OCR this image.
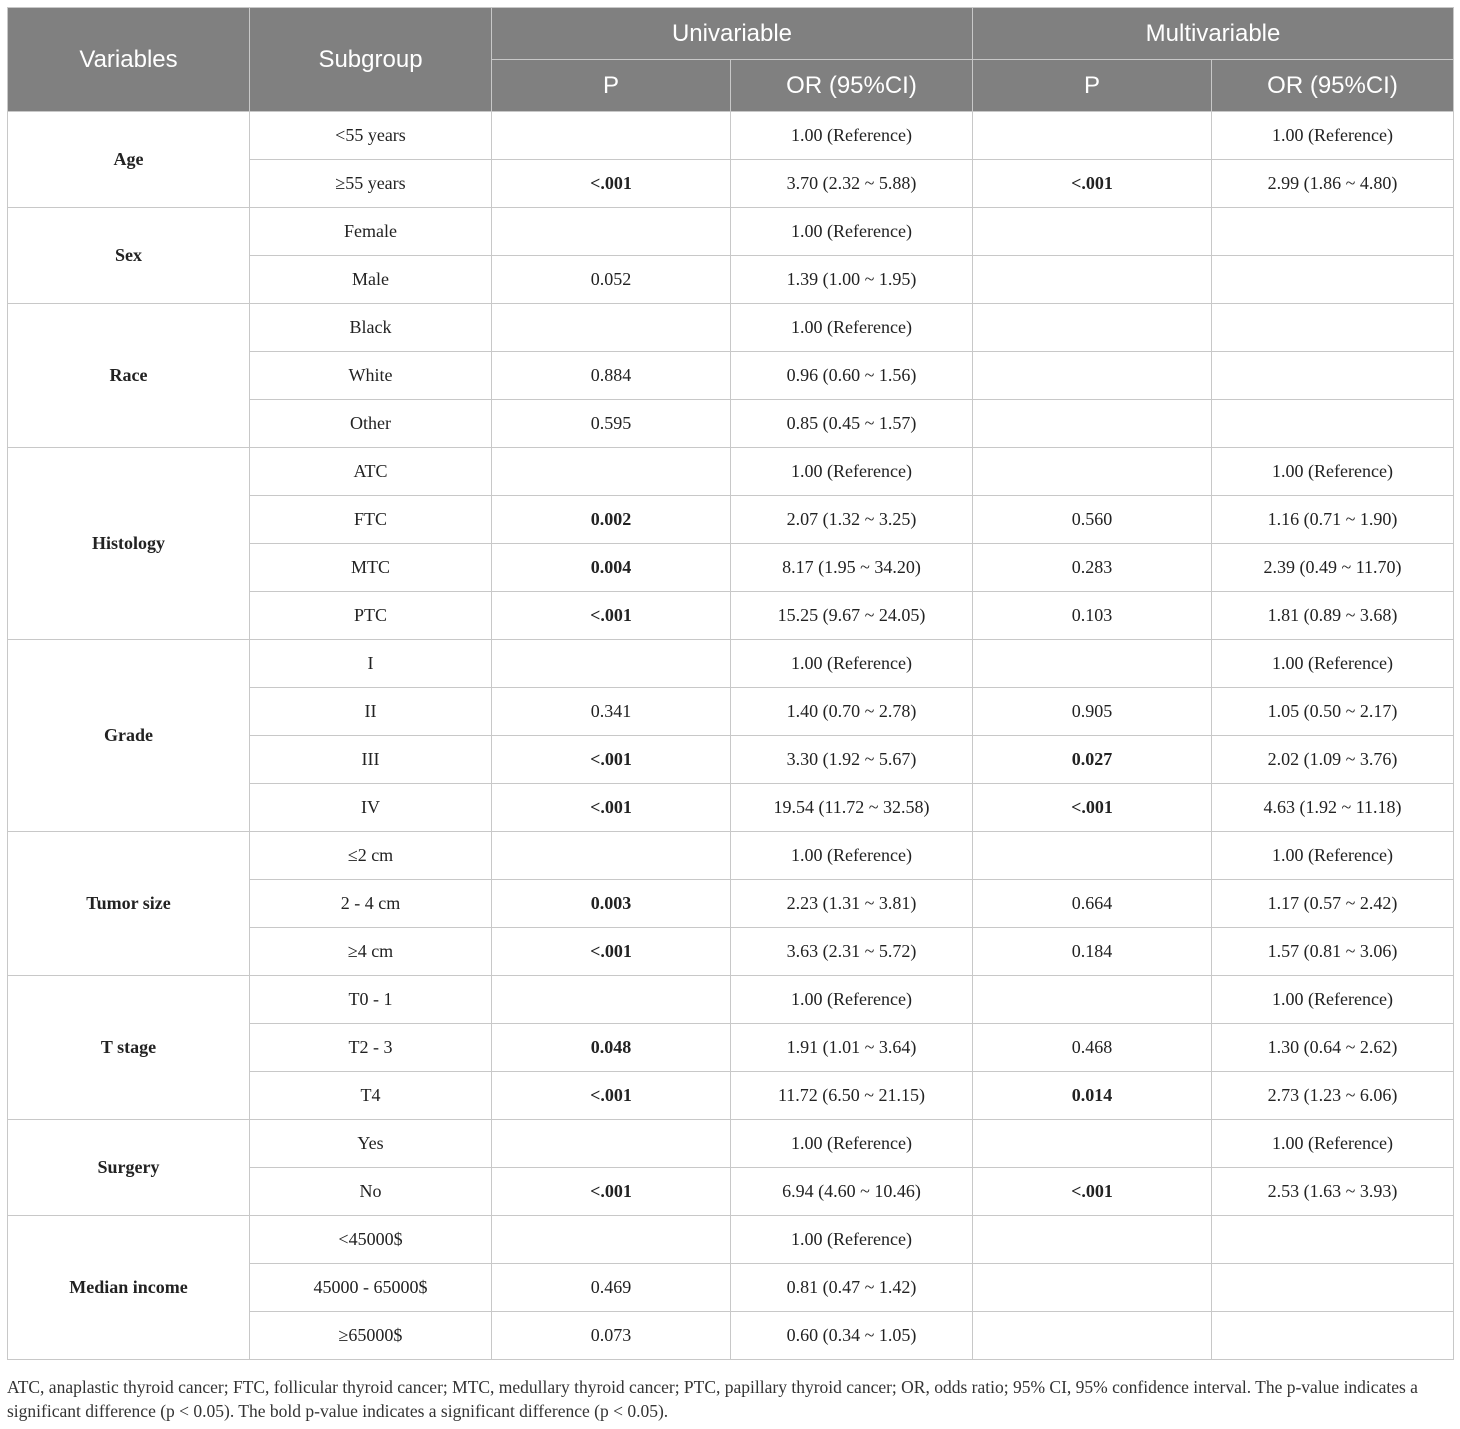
Variables	Subgroup	Univariable		Multivariable	
		P	OR (95%CI)	P	OR (95%CI)
Age	<55 years		1.00 (Reference)		1.00 (Reference)
	≥55 years	<.001	3.70 (2.32 ~ 5.88)	<.001	2.99 (1.86 ~ 4.80)
Sex	Female		1.00 (Reference)		
	Male	0.052	1.39 (1.00 ~ 1.95)		
Race	Black		1.00 (Reference)		
	White	0.884	0.96 (0.60 ~ 1.56)		
	Other	0.595	0.85 (0.45 ~ 1.57)		
Histology	ATC		1.00 (Reference)		1.00 (Reference)
	FTC	0.002	2.07 (1.32 ~ 3.25)	0.560	1.16 (0.71 ~ 1.90)
	MTC	0.004	8.17 (1.95 ~ 34.20)	0.283	2.39 (0.49 ~ 11.70)
	PTC	<.001	15.25 (9.67 ~ 24.05)	0.103	1.81 (0.89 ~ 3.68)
Grade	I		1.00 (Reference)		1.00 (Reference)
	II	0.341	1.40 (0.70 ~ 2.78)	0.905	1.05 (0.50 ~ 2.17)
	III	<.001	3.30 (1.92 ~ 5.67)	0.027	2.02 (1.09 ~ 3.76)
	IV	<.001	19.54 (11.72 ~ 32.58)	<.001	4.63 (1.92 ~ 11.18)
Tumor size	≤2 cm		1.00 (Reference)		1.00 (Reference)
	2 - 4 cm	0.003	2.23 (1.31 ~ 3.81)	0.664	1.17 (0.57 ~ 2.42)
	≥4 cm	<.001	3.63 (2.31 ~ 5.72)	0.184	1.57 (0.81 ~ 3.06)
T stage	T0 - 1		1.00 (Reference)		1.00 (Reference)
	T2 - 3	0.048	1.91 (1.01 ~ 3.64)	0.468	1.30 (0.64 ~ 2.62)
	T4	<.001	11.72 (6.50 ~ 21.15)	0.014	2.73 (1.23 ~ 6.06)
Surgery	Yes		1.00 (Reference)		1.00 (Reference)
	No	<.001	6.94 (4.60 ~ 10.46)	<.001	2.53 (1.63 ~ 3.93)
Median income	<45000$		1.00 (Reference)		
	45000 - 65000$	0.469	0.81 (0.47 ~ 1.42)		
	≥65000$	0.073	0.60 (0.34 ~ 1.05)		
ATC, anaplastic thyroid cancer; FTC, follicular thyroid cancer; MTC, medullary thyroid cancer; PTC, papillary thyroid cancer; OR, odds ratio; 95% CI, 95% confidence interval. The p-value indicates a significant difference (p < 0.05). The bold p-value indicates a significant difference (p < 0.05).
